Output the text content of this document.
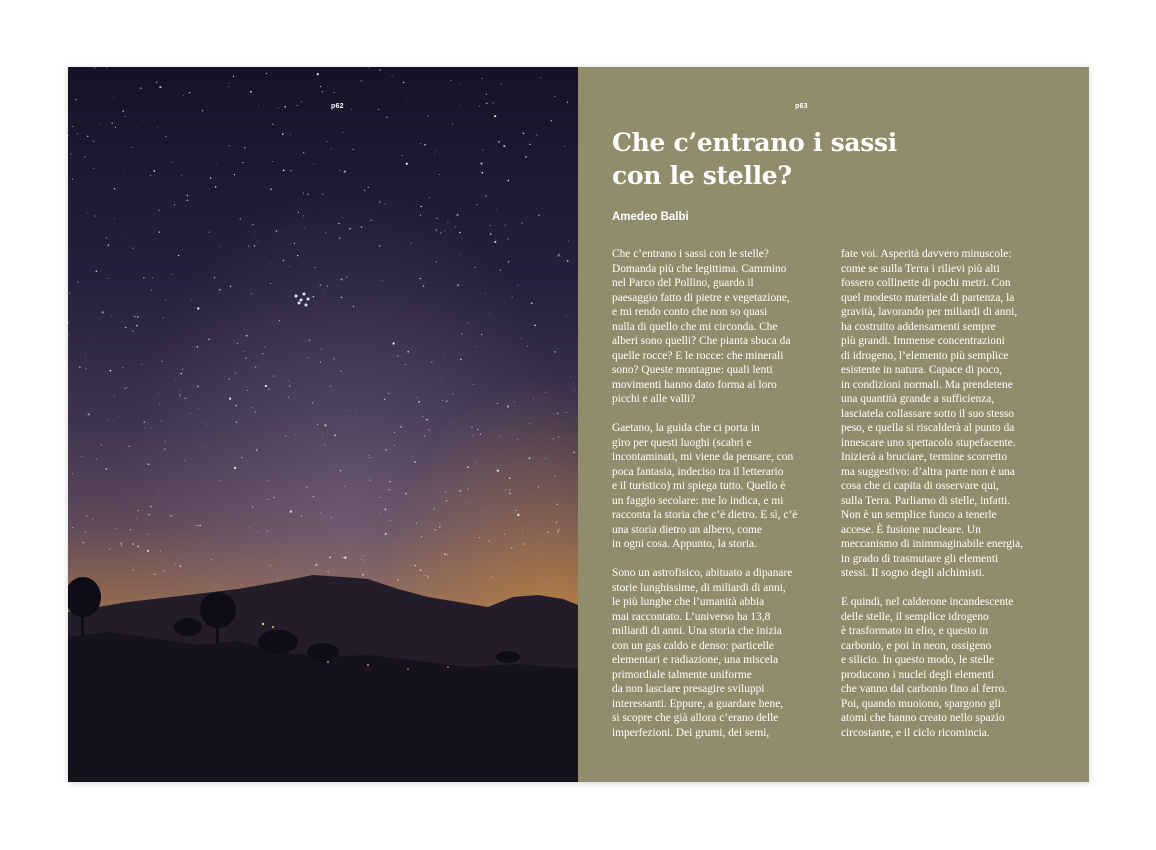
p62	p63
Che c’entrano i sassi
con le stelle?
Amedeo Balbi

Che c’entrano i sassi con le stelle?
Domanda più che legittima. Cammino
nel Parco del Pollino, guardo il
paesaggio fatto di pietre e vegetazione,
e mi rendo conto che non so quasi
nulla di quello che mi circonda. Che
alberi sono quelli? Che pianta sbuca da
quelle rocce? E le rocce: che minerali
sono? Queste montagne: quali lenti
movimenti hanno dato forma ai loro
picchi e alle valli?

Gaetano, la guida che ci porta in
giro per questi luoghi (scabri e
incontaminati, mi viene da pensare, con
poca fantasia, indeciso tra il letterario
e il turistico) mi spiega tutto. Quello è
un faggio secolare: me lo indica, e mi
racconta la storia che c’è dietro. E sì, c’è
una storia dietro un albero, come
in ogni cosa. Appunto, la storia.

Sono un astrofisico, abituato a dipanare
storie lunghissime, di miliardi di anni,
le più lunghe che l’umanità abbia
mai raccontato. L’universo ha 13,8
miliardi di anni. Una storia che inizia
con un gas caldo e denso: particelle
elementari e radiazione, una miscela
primordiale talmente uniforme
da non lasciare presagire sviluppi
interessanti. Eppure, a guardare bene,
si scopre che già allora c’erano delle
imperfezioni. Dei grumi, dei semi,

fate voi. Asperità davvero minuscole:
come se sulla Terra i rilievi più alti
fossero collinette di pochi metri. Con
quel modesto materiale di partenza, la
gravità, lavorando per miliardi di anni,
ha costruito addensamenti sempre
più grandi. Immense concentrazioni
di idrogeno, l’elemento più semplice
esistente in natura. Capace di poco,
in condizioni normali. Ma prendetene
una quantità grande a sufficienza,
lasciatela collassare sotto il suo stesso
peso, e quella si riscalderà al punto da
innescare uno spettacolo stupefacente.
Inizierà a bruciare, termine scorretto
ma suggestivo: d’altra parte non è una
cosa che ci capita di osservare qui,
sulla Terra. Parliamo di stelle, infatti.
Non è un semplice fuoco a tenerle
accese. È fusione nucleare. Un
meccanismo di inimmaginabile energia,
in grado di trasmutare gli elementi
stessi. Il sogno degli alchimisti.

E quindi, nel calderone incandescente
delle stelle, il semplice idrogeno
è trasformato in elio, e questo in
carbonio, e poi in neon, ossigeno
e silicio. In questo modo, le stelle
producono i nuclei degli elementi
che vanno dal carbonio fino al ferro.
Poi, quando muoiono, spargono gli
atomi che hanno creato nello spazio
circostante, e il ciclo ricomincia.
